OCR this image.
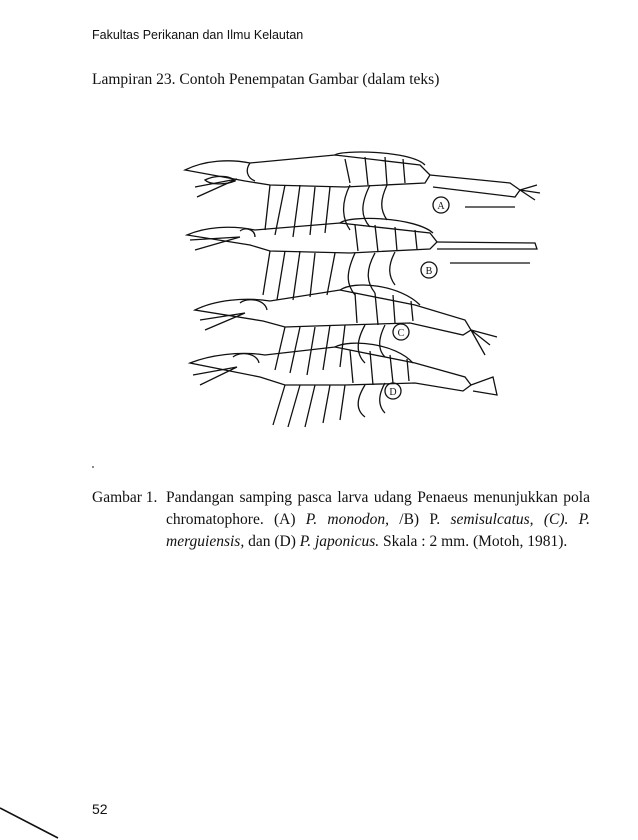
Fakultas Perikanan dan Ilmu Kelautan
Lampiran 23. Contoh Penempatan Gambar (dalam teks)
A
B
C
D
Gambar 1. Pandangan samping pasca larva udang Penaeus menunjukkan pola chromatophore. (A) P. monodon, /B) P. semisulcatus, (C). P. merguiensis, dan (D) P. japonicus. Skala : 2 mm. (Motoh, 1981).
52
